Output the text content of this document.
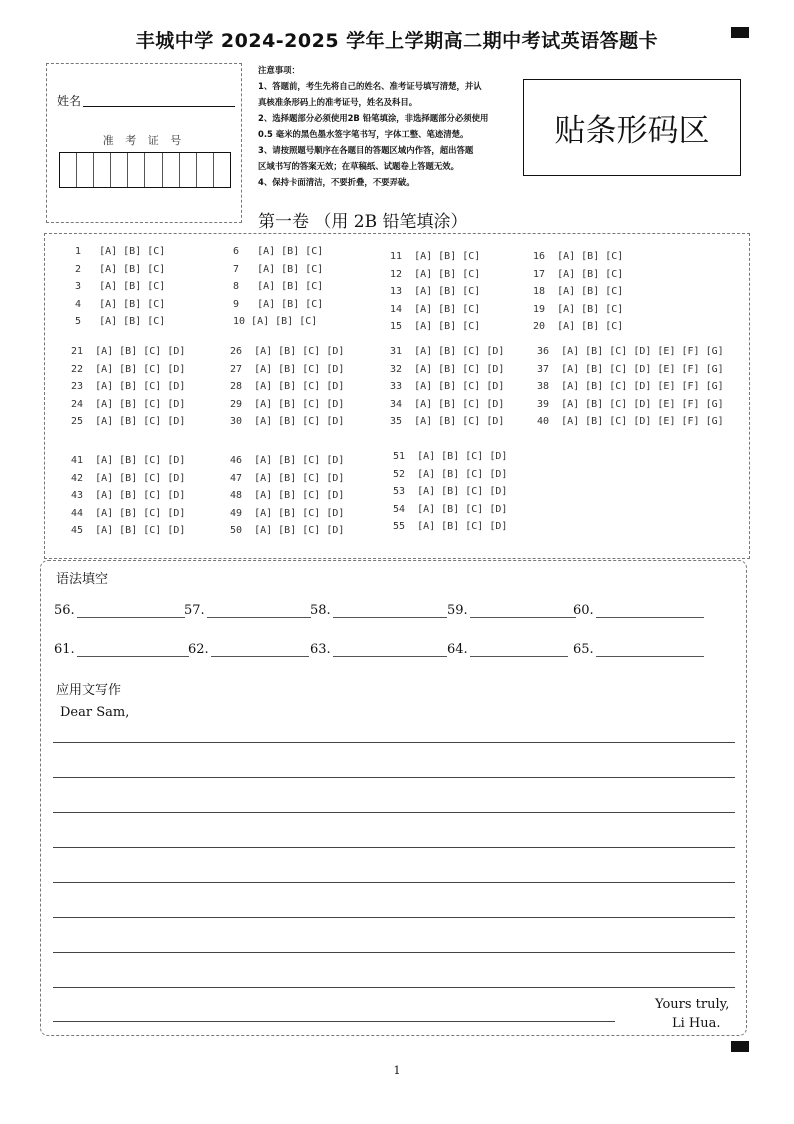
丰城中学 2024-2025 学年上学期高二期中考试英语答题卡
姓名
准 考 证 号
注意事项：
1、答题前，考生先将自己的姓名、准考证号填写清楚，并认
真核准条形码上的准考证号，姓名及科目。
2、选择题部分必须使用2B 铅笔填涂，非选择题部分必须使用
0.5 毫米的黑色墨水签字笔书写，字体工整、笔迹清楚。
3、请按照题号顺序在各题目的答题区域内作答，超出答题
区域书写的答案无效；在草稿纸、试题卷上答题无效。
4、保持卡面清洁，不要折叠，不要弄破。
贴条形码区
第一卷 （用 2B 铅笔填涂）
1   [A] [B] [C]
2   [A] [B] [C]
3   [A] [B] [C]
4   [A] [B] [C]
5   [A] [B] [C]
6   [A] [B] [C]
7   [A] [B] [C]
8   [A] [B] [C]
9   [A] [B] [C]
10 [A] [B] [C]
11  [A] [B] [C]
12  [A] [B] [C]
13  [A] [B] [C]
14  [A] [B] [C]
15  [A] [B] [C]
16  [A] [B] [C]
17  [A] [B] [C]
18  [A] [B] [C]
19  [A] [B] [C]
20  [A] [B] [C]
21  [A] [B] [C] [D]
22  [A] [B] [C] [D]
23  [A] [B] [C] [D]
24  [A] [B] [C] [D]
25  [A] [B] [C] [D]
26  [A] [B] [C] [D]
27  [A] [B] [C] [D]
28  [A] [B] [C] [D]
29  [A] [B] [C] [D]
30  [A] [B] [C] [D]
31  [A] [B] [C] [D]
32  [A] [B] [C] [D]
33  [A] [B] [C] [D]
34  [A] [B] [C] [D]
35  [A] [B] [C] [D]
36  [A] [B] [C] [D] [E] [F] [G]
37  [A] [B] [C] [D] [E] [F] [G]
38  [A] [B] [C] [D] [E] [F] [G]
39  [A] [B] [C] [D] [E] [F] [G]
40  [A] [B] [C] [D] [E] [F] [G]
41  [A] [B] [C] [D]
42  [A] [B] [C] [D]
43  [A] [B] [C] [D]
44  [A] [B] [C] [D]
45  [A] [B] [C] [D]
46  [A] [B] [C] [D]
47  [A] [B] [C] [D]
48  [A] [B] [C] [D]
49  [A] [B] [C] [D]
50  [A] [B] [C] [D]
51  [A] [B] [C] [D]
52  [A] [B] [C] [D]
53  [A] [B] [C] [D]
54  [A] [B] [C] [D]
55  [A] [B] [C] [D]
语法填空
56.	57.	58.	59.	60.
61.	62.	63.	64.	65.
应用文写作
Dear Sam,
Yours truly,
Li Hua.
1
